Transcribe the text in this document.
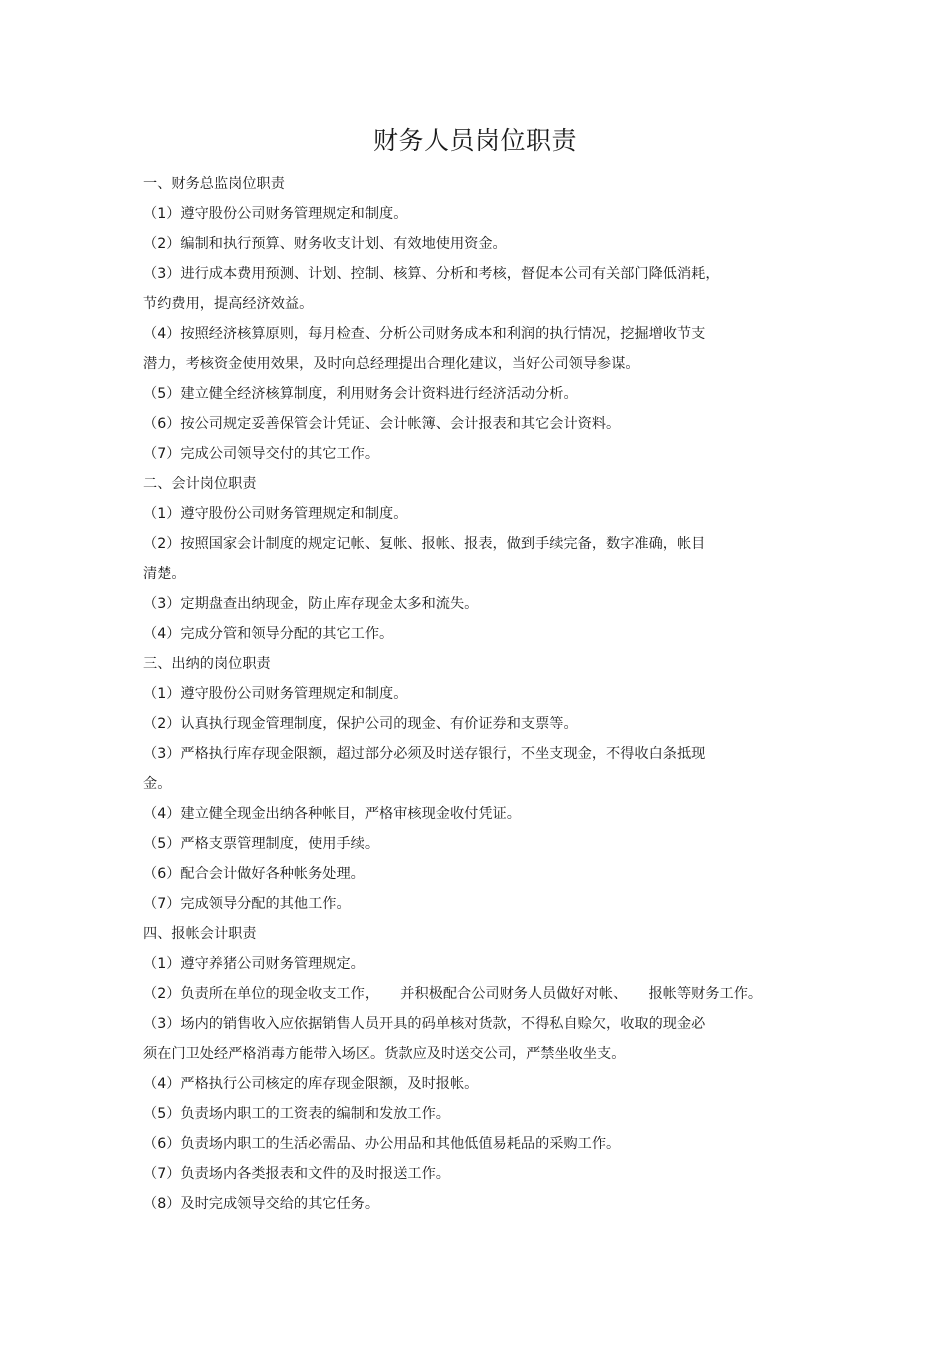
财务人员岗位职责
一、财务总监岗位职责
（1）遵守股份公司财务管理规定和制度。
（2）编制和执行预算、财务收支计划、有效地使用资金。
（3）进行成本费用预测、计划、控制、核算、分析和考核，督促本公司有关部门降低消耗，
节约费用，提高经济效益。
（4）按照经济核算原则，每月检查、分析公司财务成本和利润的执行情况，挖掘增收节支
潜力，考核资金使用效果，及时向总经理提出合理化建议，当好公司领导参谋。
（5）建立健全经济核算制度，利用财务会计资料进行经济活动分析。
（6）按公司规定妥善保管会计凭证、会计帐簿、会计报表和其它会计资料。
（7）完成公司领导交付的其它工作。
二、会计岗位职责
（1）遵守股份公司财务管理规定和制度。
（2）按照国家会计制度的规定记帐、复帐、报帐、报表，做到手续完备，数字准确，帐目
清楚。
（3）定期盘查出纳现金，防止库存现金太多和流失。
（4）完成分管和领导分配的其它工作。
三、出纳的岗位职责
（1）遵守股份公司财务管理规定和制度。
（2）认真执行现金管理制度，保护公司的现金、有价证券和支票等。
（3）严格执行库存现金限额，超过部分必须及时送存银行，不坐支现金，不得收白条抵现
金。
（4）建立健全现金出纳各种帐目，严格审核现金收付凭证。
（5）严格支票管理制度，使用手续。
（6）配合会计做好各种帐务处理。
（7）完成领导分配的其他工作。
四、报帐会计职责
（1）遵守养猪公司财务管理规定。
（2）负责所在单位的现金收支工作，　　并积极配合公司财务人员做好对帐、　　报帐等财务工作。
（3）场内的销售收入应依据销售人员开具的码单核对货款，不得私自赊欠，收取的现金必
须在门卫处经严格消毒方能带入场区。货款应及时送交公司，严禁坐收坐支。
（4）严格执行公司核定的库存现金限额，及时报帐。
（5）负责场内职工的工资表的编制和发放工作。
（6）负责场内职工的生活必需品、办公用品和其他低值易耗品的采购工作。
（7）负责场内各类报表和文件的及时报送工作。
（8）及时完成领导交给的其它任务。
